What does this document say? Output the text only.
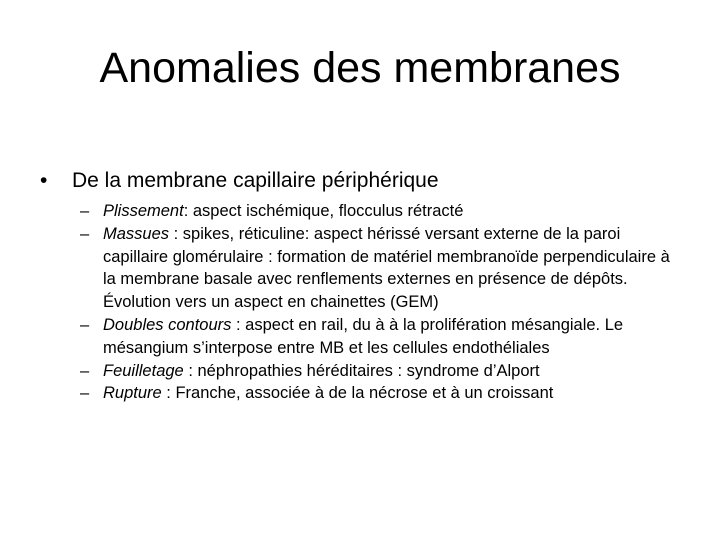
Anomalies des membranes
•	De la membrane capillaire périphérique
– Plissement: aspect ischémique, flocculus rétracté
– Massues : spikes, réticuline: aspect hérissé versant externe de la paroi capillaire glomérulaire : formation de matériel membranoïde perpendiculaire à la membrane basale avec renflements externes en présence de dépôts. Évolution vers un aspect en chainettes (GEM)
– Doubles contours : aspect en rail, du à à la prolifération mésangiale. Le mésangium s’interpose entre MB et les cellules endothéliales
– Feuilletage : néphropathies héréditaires : syndrome d’Alport
– Rupture : Franche, associée à de la nécrose et à un croissant
